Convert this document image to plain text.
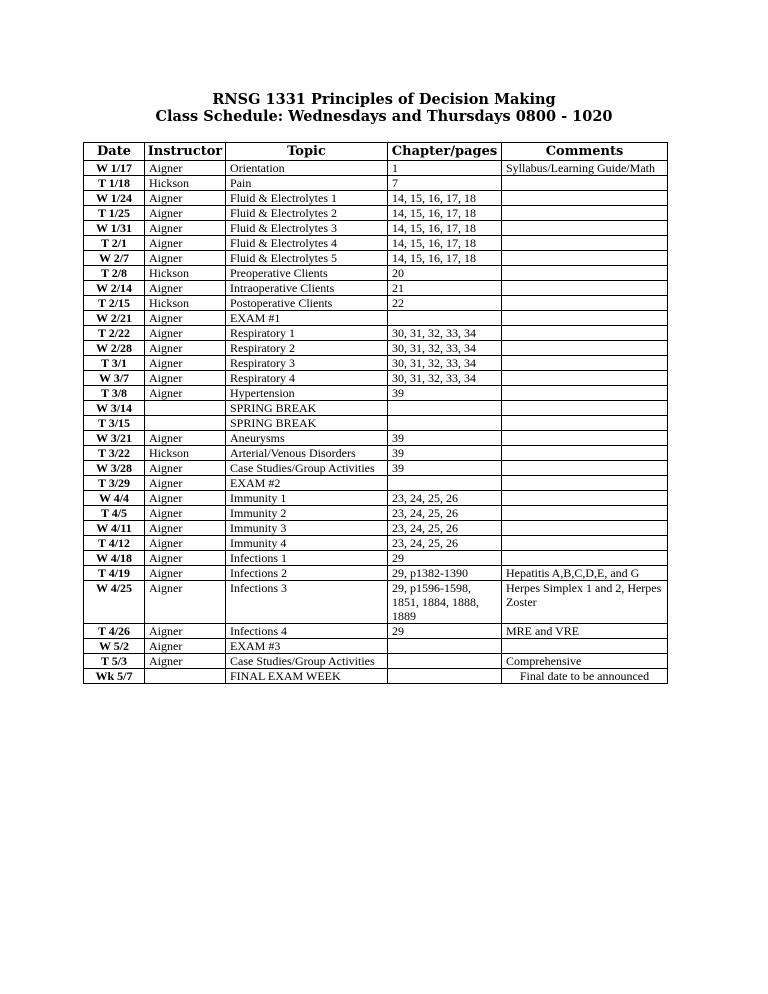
RNSG 1331 Principles of Decision Making
Class Schedule: Wednesdays and Thursdays 0800 - 1020
Date	Instructor	Topic	Chapter/pages	Comments
W 1/17	Aigner	Orientation	1	Syllabus/Learning Guide/Math
T 1/18	Hickson	Pain	7	
W 1/24	Aigner	Fluid & Electrolytes 1	14, 15, 16, 17, 18	
T 1/25	Aigner	Fluid & Electrolytes 2	14, 15, 16, 17, 18	
W 1/31	Aigner	Fluid & Electrolytes 3	14, 15, 16, 17, 18	
T 2/1	Aigner	Fluid & Electrolytes 4	14, 15, 16, 17, 18	
W 2/7	Aigner	Fluid & Electrolytes 5	14, 15, 16, 17, 18	
T 2/8	Hickson	Preoperative Clients	20	
W 2/14	Aigner	Intraoperative Clients	21	
T 2/15	Hickson	Postoperative Clients	22	
W 2/21	Aigner	EXAM #1		
T 2/22	Aigner	Respiratory 1	30, 31, 32, 33, 34	
W 2/28	Aigner	Respiratory 2	30, 31, 32, 33, 34	
T 3/1	Aigner	Respiratory 3	30, 31, 32, 33, 34	
W 3/7	Aigner	Respiratory 4	30, 31, 32, 33, 34	
T 3/8	Aigner	Hypertension	39	
W 3/14		SPRING BREAK		
T 3/15		SPRING BREAK		
W 3/21	Aigner	Aneurysms	39	
T 3/22	Hickson	Arterial/Venous Disorders	39	
W 3/28	Aigner	Case Studies/Group Activities	39	
T 3/29	Aigner	EXAM #2		
W 4/4	Aigner	Immunity 1	23, 24, 25, 26	
T 4/5	Aigner	Immunity 2	23, 24, 25, 26	
W 4/11	Aigner	Immunity 3	23, 24, 25, 26	
T 4/12	Aigner	Immunity 4	23, 24, 25, 26	
W 4/18	Aigner	Infections 1	29	
T 4/19	Aigner	Infections 2	29, p1382-1390	Hepatitis A,B,C,D,E, and G
W 4/25	Aigner	Infections 3	29, p1596-1598, 1851, 1884, 1888, 1889	Herpes Simplex 1 and 2, Herpes Zoster
T 4/26	Aigner	Infections 4	29	MRE and VRE
W 5/2	Aigner	EXAM #3		
T 5/3	Aigner	Case Studies/Group Activities		Comprehensive
Wk 5/7		FINAL EXAM WEEK		Final date to be announced
